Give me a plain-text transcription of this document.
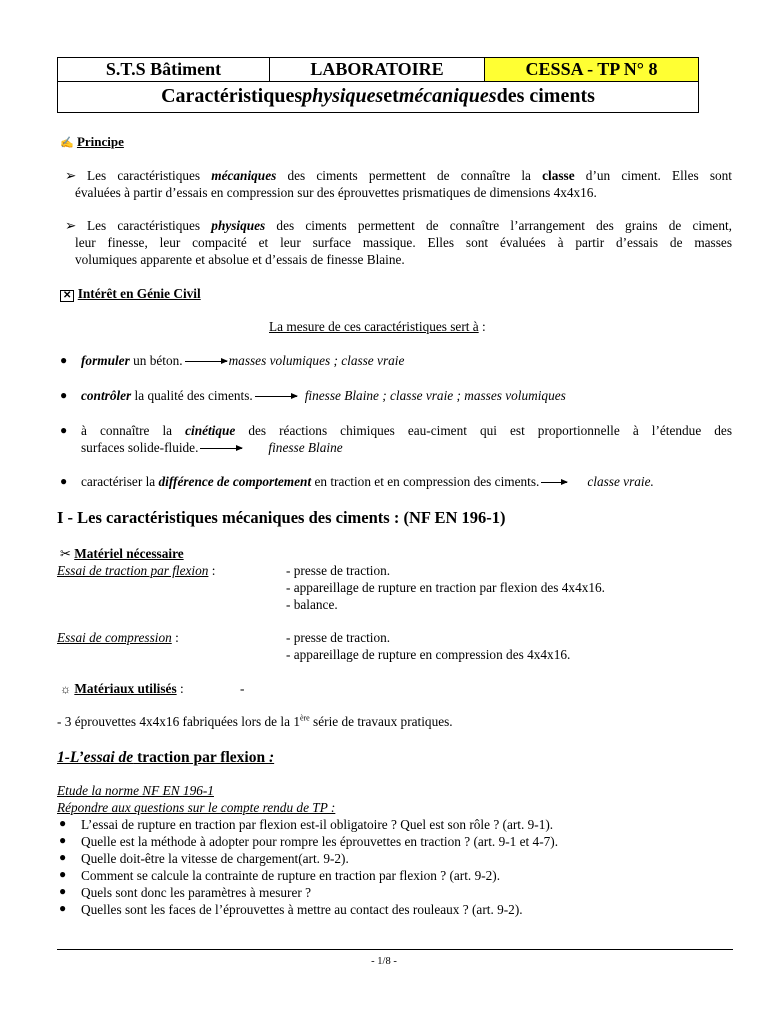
S.T.S Bâtiment	LABORATOIRE	CESSA - TP N° 8
Caractéristiques physiques et mécaniques des ciments
✍ Principe
➢ Les caractéristiques mécaniques des ciments permettent de connaître la classe d’un ciment. Elles sont
évaluées à partir d’essais en compression sur des éprouvettes prismatiques de dimensions 4x4x16.
➢ Les caractéristiques physiques des ciments permettent de connaître l’arrangement des grains de ciment,
leur finesse, leur compacité et leur surface massique. Elles sont évaluées à partir d’essais de masses
volumiques apparente et absolue et d’essais de finesse Blaine.
✕ Intérêt en Génie Civil
La mesure de ces caractéristiques sert à :
● formuler un béton.	masses volumiques ; classe vraie
● contrôler la qualité des ciments.	finesse Blaine ; classe vraie ; masses volumiques
● à connaître la cinétique des réactions chimiques eau-ciment qui est proportionnelle à l’étendue des
surfaces solide-fluide.	finesse Blaine
● caractériser la différence de comportement en traction et en compression des ciments.	classe vraie.
I - Les caractéristiques mécaniques des ciments : (NF EN 196-1)
✂ Matériel nécessaire
Essai de traction par flexion :	- presse de traction.
- appareillage de rupture en traction par flexion des 4x4x16.
- balance.
Essai de compression :	- presse de traction.
- appareillage de rupture en compression des 4x4x16.
☼ Matériaux utilisés :	-
- 3 éprouvettes 4x4x16 fabriquées lors de la 1ère série de travaux pratiques.
1-L’essai de traction par flexion :
Etude la norme NF EN 196-1
Répondre aux questions sur le compte rendu de TP :
● L’essai de rupture en traction par flexion est-il obligatoire ? Quel est son rôle ? (art. 9-1).
● Quelle est la méthode à adopter pour rompre les éprouvettes en traction ? (art. 9-1 et 4-7).
● Quelle doit-être la vitesse de chargement(art. 9-2).
● Comment se calcule la contrainte de rupture en traction par flexion ? (art. 9-2).
● Quels sont donc les paramètres à mesurer ?
● Quelles sont les faces de l’éprouvettes à mettre au contact des rouleaux ? (art. 9-2).
- 1/8 -
